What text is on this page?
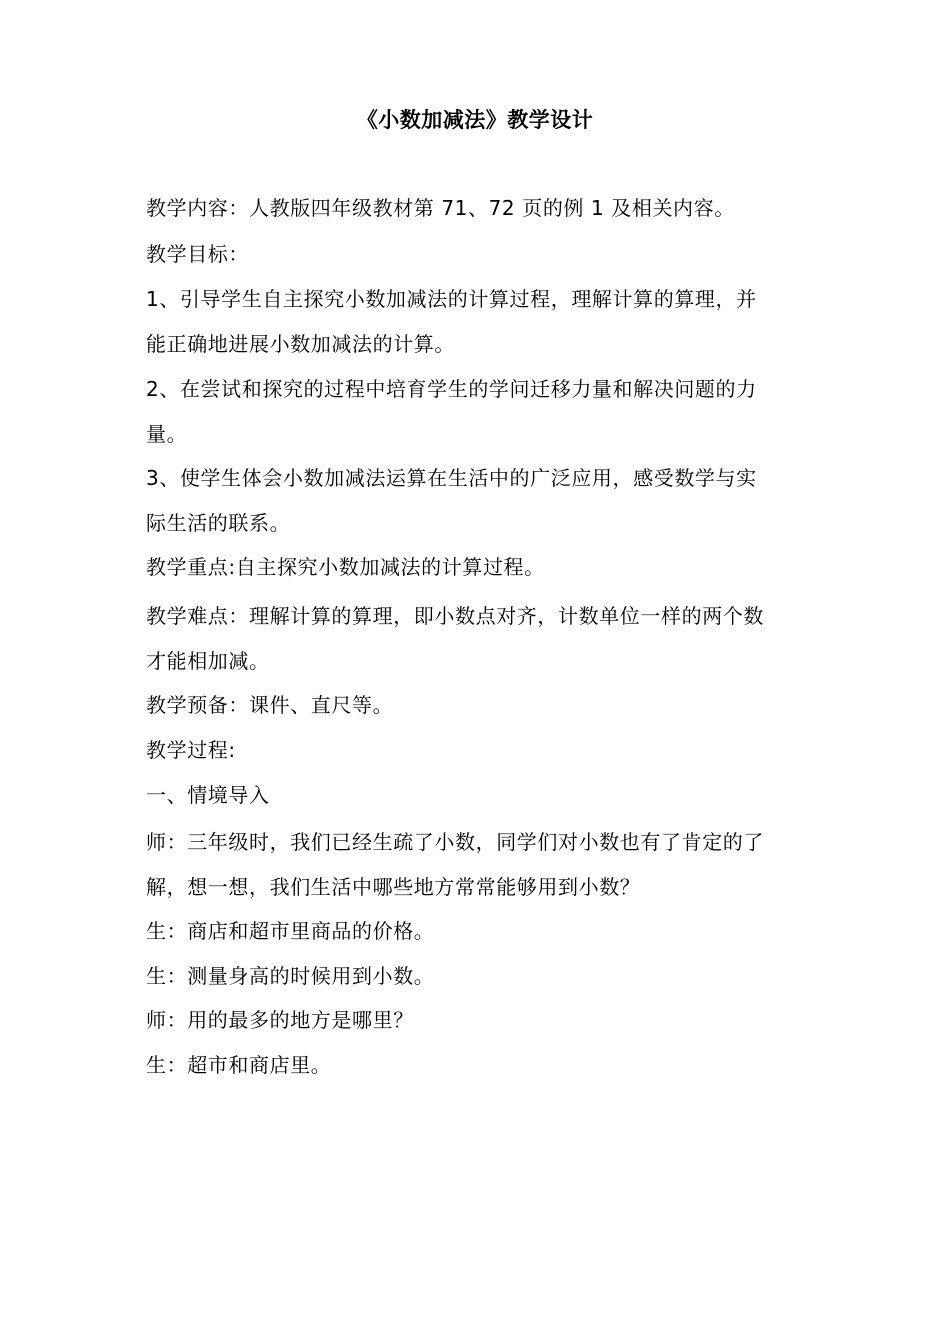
《小数加减法》教学设计
教学内容：人教版四年级教材第 71、72 页的例 1 及相关内容。
教学目标：
1、引导学生自主探究小数加减法的计算过程，理解计算的算理，并
能正确地进展小数加减法的计算。
2、在尝试和探究的过程中培育学生的学问迁移力量和解决问题的力
量。
3、使学生体会小数加减法运算在生活中的广泛应用，感受数学与实
际生活的联系。
教学重点:自主探究小数加减法的计算过程。
教学难点：理解计算的算理，即小数点对齐，计数单位一样的两个数
才能相加减。
教学预备：课件、直尺等。
教学过程:
一、情境导入
师：三年级时，我们已经生疏了小数，同学们对小数也有了肯定的了
解，想一想，我们生活中哪些地方常常能够用到小数？
生：商店和超市里商品的价格。
生：测量身高的时候用到小数。
师：用的最多的地方是哪里？
生：超市和商店里。
